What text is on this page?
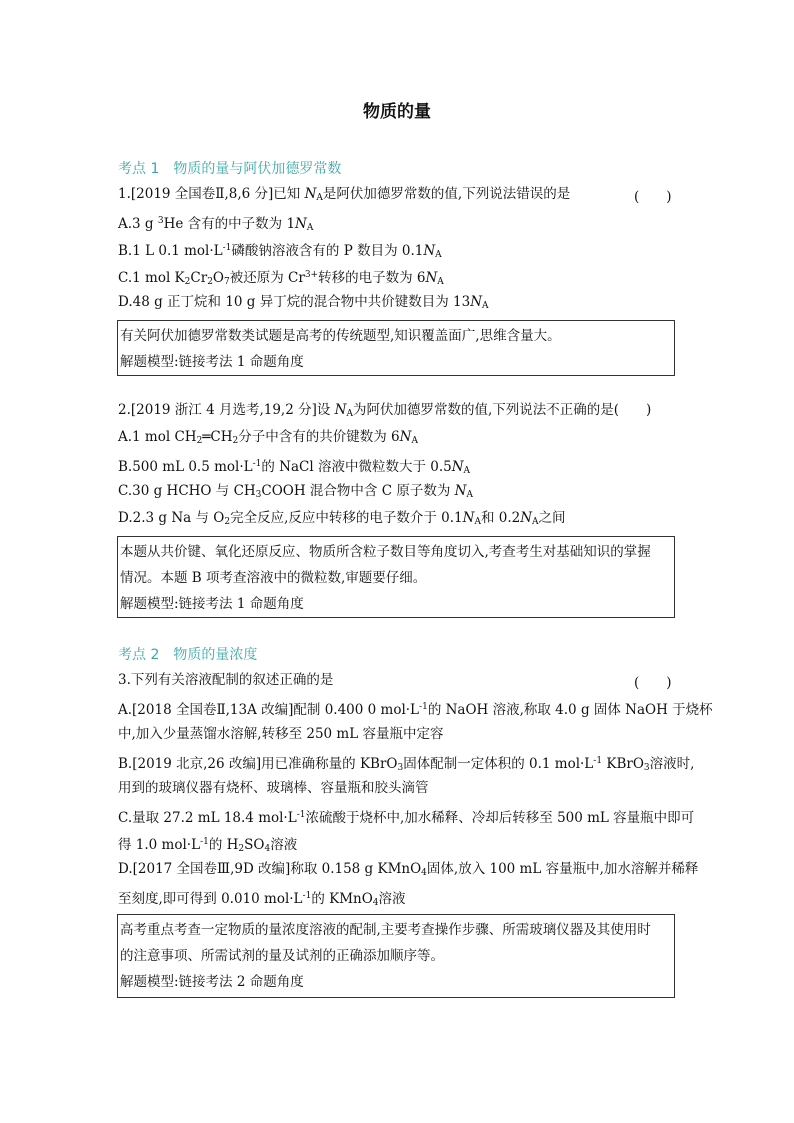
物质的量
考点 1　物质的量与阿伏加德罗常数
1.[2019 全国卷Ⅱ,8,6 分]已知 $N_A$是阿伏加德罗常数的值,下列说法错误的是	(　　)
A.3 g $^3$He 含有的中子数为 $1N_A$
B.1 L 0.1 $mol\cdot L^{-1}$磷酸钠溶液含有的 P 数目为 $0.1N_A$
C.1 mol $K_2Cr_2O_7$被还原为 $Cr^{3+}$转移的电子数为 $6N_A$
D.48 g 正丁烷和 10 g 异丁烷的混合物中共价键数目为 $13N_A$
有关阿伏加德罗常数类试题是高考的传统题型,知识覆盖面广,思维含量大。
解题模型:链接考法 1 命题角度
2.[2019 浙江 4 月选考,19,2 分]设 $N_A$为阿伏加德罗常数的值,下列说法不正确的是(　　)
A.1 mol $CH_2═CH_2$分子中含有的共价键数为 $6N_A$
B.500 mL 0.5 $mol\cdot L^{-1}$的 NaCl 溶液中微粒数大于 $0.5N_A$
C.30 g HCHO 与 $CH_3COOH$ 混合物中含 C 原子数为 $N_A$
D.2.3 g Na 与 $O_2$完全反应,反应中转移的电子数介于 $0.1N_A$和 $0.2N_A$之间
本题从共价键、氧化还原反应、物质所含粒子数目等角度切入,考查考生对基础知识的掌握
情况。本题 B 项考查溶液中的微粒数,审题要仔细。
解题模型:链接考法 1 命题角度
考点 2　物质的量浓度
3.下列有关溶液配制的叙述正确的是	(　　)
A.[2018 全国卷Ⅱ,13A 改编]配制 0.400 0 $mol\cdot L^{-1}$的 NaOH 溶液,称取 4.0 g 固体 NaOH 于烧杯
中,加入少量蒸馏水溶解,转移至 250 mL 容量瓶中定容
B.[2019 北京,26 改编]用已准确称量的 KBrO$_3$固体配制一定体积的 0.1 $mol\cdot L^{-1}$ KBrO$_3$溶液时,
用到的玻璃仪器有烧杯、玻璃棒、容量瓶和胶头滴管
C.量取 27.2 mL 18.4 $mol\cdot L^{-1}$浓硫酸于烧杯中,加水稀释、冷却后转移至 500 mL 容量瓶中即可
得 1.0 $mol\cdot L^{-1}$的 $H_2SO_4$溶液
D.[2017 全国卷Ⅲ,9D 改编]称取 0.158 g KMnO$_4$固体,放入 100 mL 容量瓶中,加水溶解并稀释
至刻度,即可得到 0.010 $mol\cdot L^{-1}$的 KMnO$_4$溶液
高考重点考查一定物质的量浓度溶液的配制,主要考查操作步骤、所需玻璃仪器及其使用时
的注意事项、所需试剂的量及试剂的正确添加顺序等。
解题模型:链接考法 2 命题角度
